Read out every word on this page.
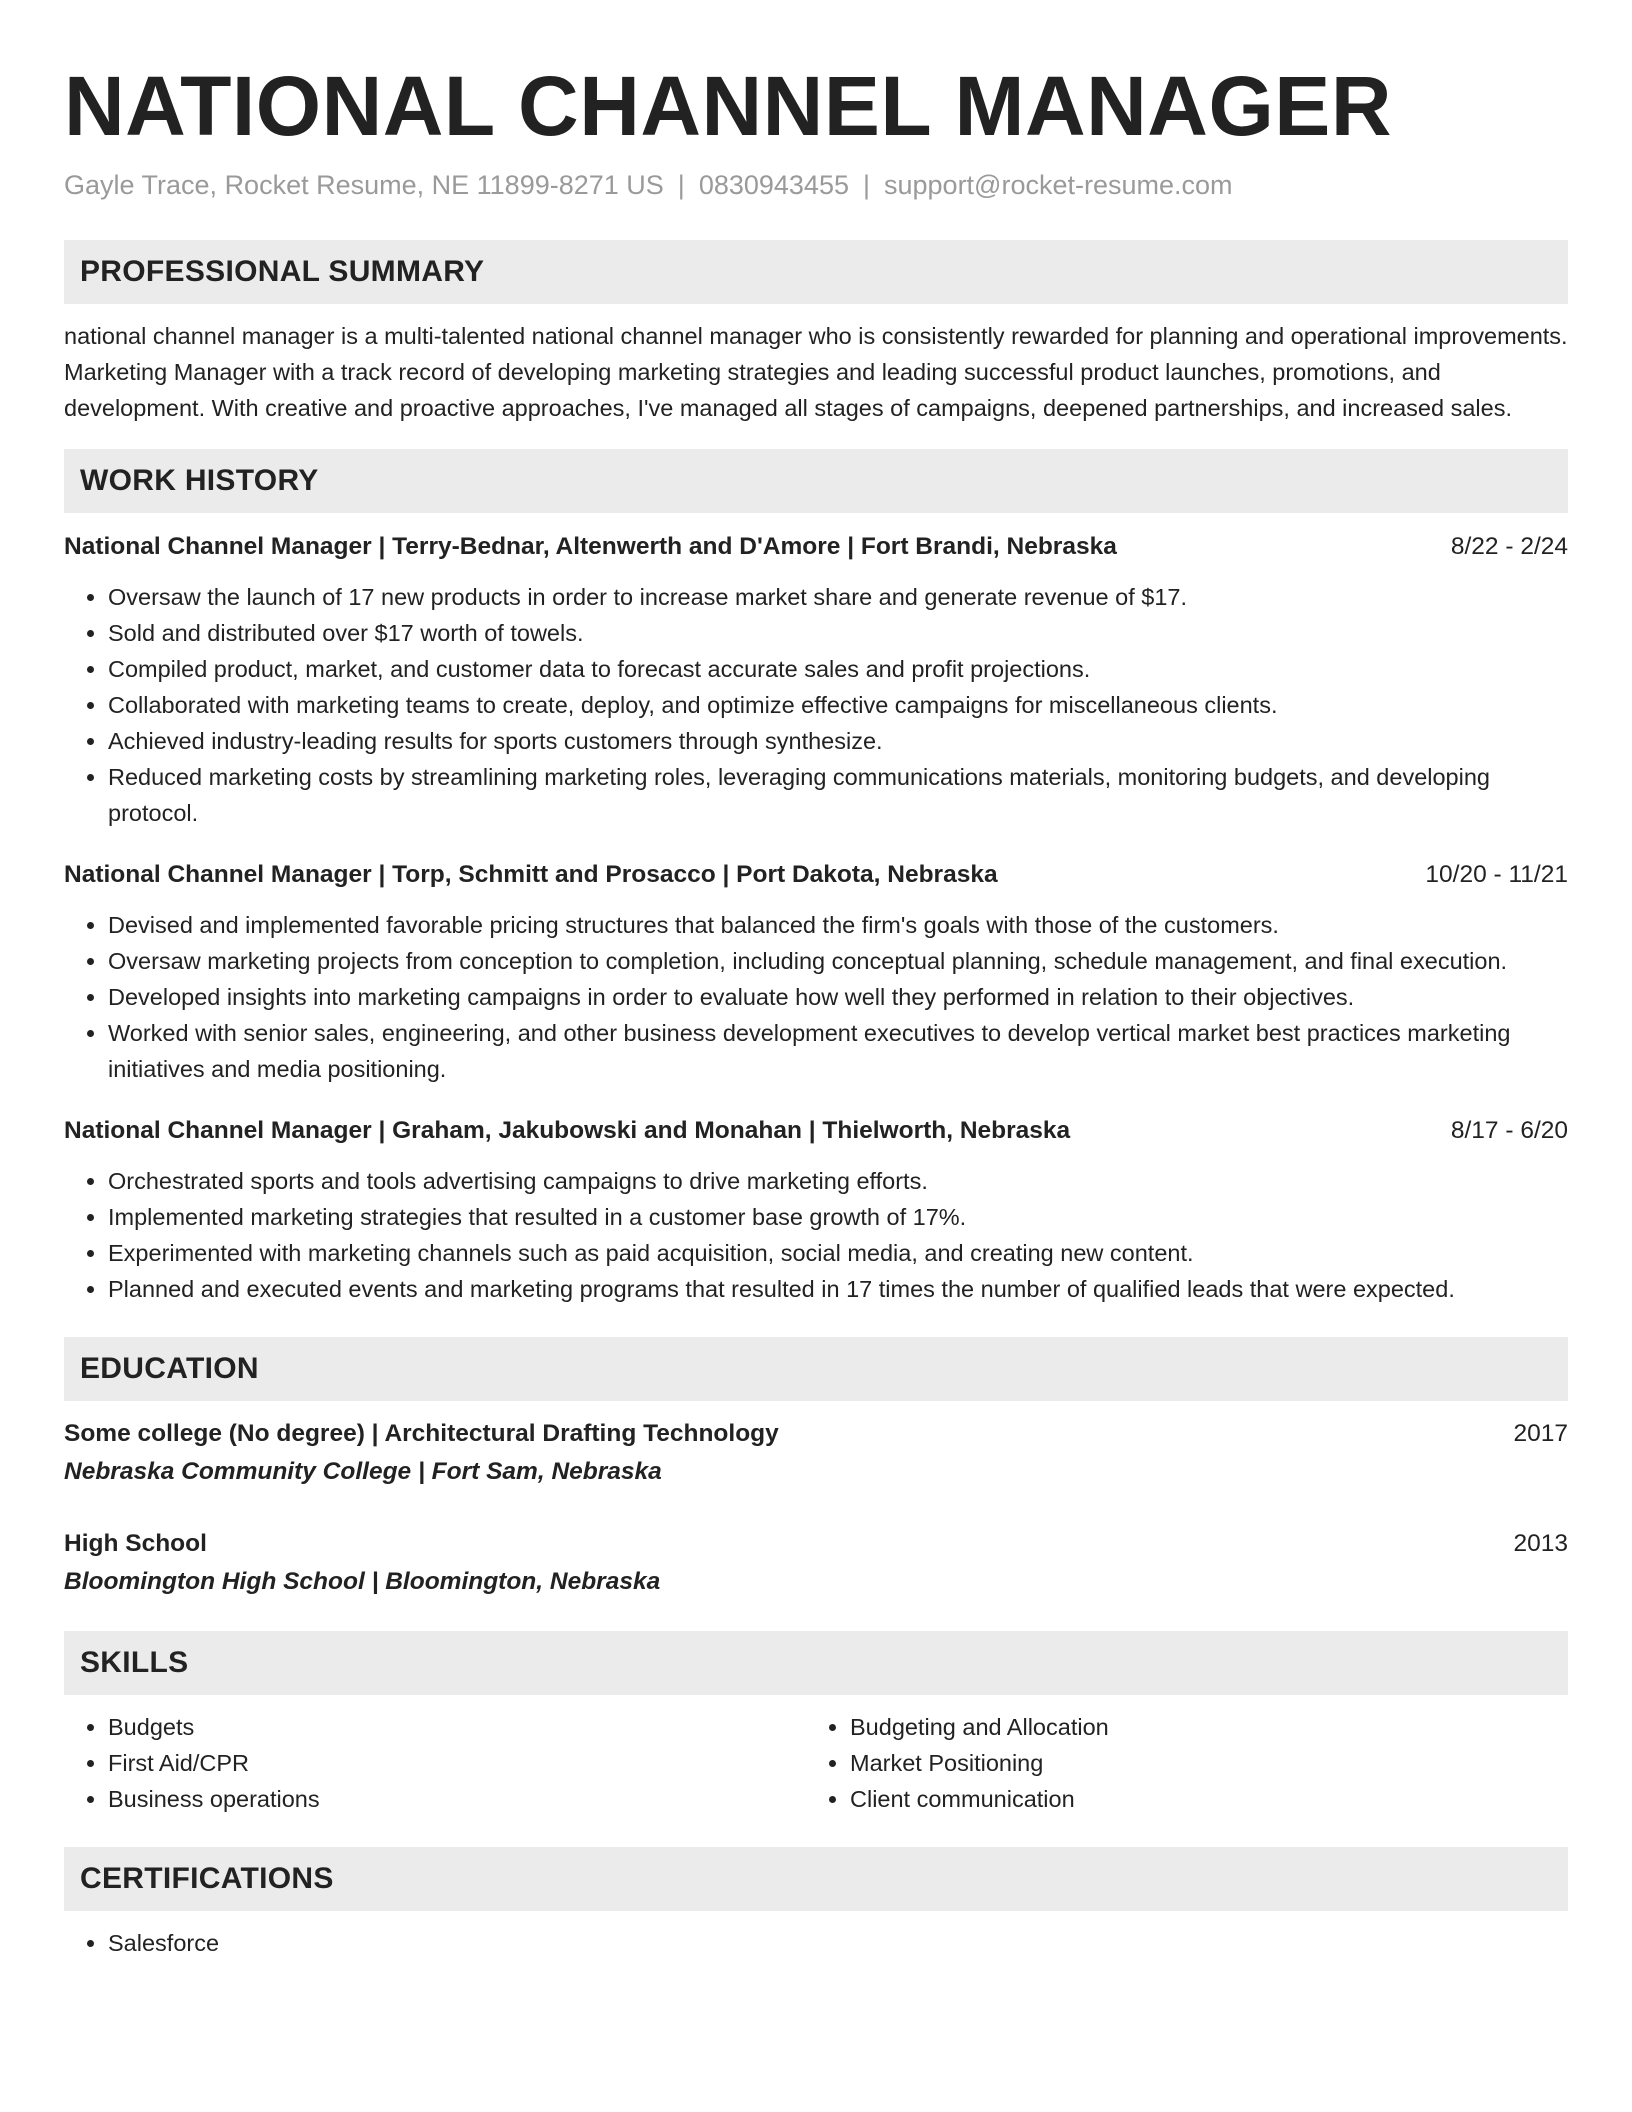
NATIONAL CHANNEL MANAGER
Gayle Trace, Rocket Resume, NE 11899-8271 US | 0830943455 | support@rocket-resume.com
PROFESSIONAL SUMMARY

national channel manager is a multi-talented national channel manager who is consistently rewarded for planning and operational improvements. Marketing Manager with a track record of developing marketing strategies and leading successful product launches, promotions, and development. With creative and proactive approaches, I've managed all stages of campaigns, deepened partnerships, and increased sales.

WORK HISTORY
National Channel Manager | Terry-Bednar, Altenwerth and D'Amore | Fort Brandi, Nebraska	8/22 - 2/24
• Oversaw the launch of 17 new products in order to increase market share and generate revenue of $17.
• Sold and distributed over $17 worth of towels.
• Compiled product, market, and customer data to forecast accurate sales and profit projections.
• Collaborated with marketing teams to create, deploy, and optimize effective campaigns for miscellaneous clients.
• Achieved industry-leading results for sports customers through synthesize.
• Reduced marketing costs by streamlining marketing roles, leveraging communications materials, monitoring budgets, and developing protocol.
National Channel Manager | Torp, Schmitt and Prosacco | Port Dakota, Nebraska	10/20 - 11/21
• Devised and implemented favorable pricing structures that balanced the firm's goals with those of the customers.
• Oversaw marketing projects from conception to completion, including conceptual planning, schedule management, and final execution.
• Developed insights into marketing campaigns in order to evaluate how well they performed in relation to their objectives.
• Worked with senior sales, engineering, and other business development executives to develop vertical market best practices marketing initiatives and media positioning.
National Channel Manager | Graham, Jakubowski and Monahan | Thielworth, Nebraska	8/17 - 6/20
• Orchestrated sports and tools advertising campaigns to drive marketing efforts.
• Implemented marketing strategies that resulted in a customer base growth of 17%.
• Experimented with marketing channels such as paid acquisition, social media, and creating new content.
• Planned and executed events and marketing programs that resulted in 17 times the number of qualified leads that were expected.
EDUCATION
Some college (No degree) | Architectural Drafting Technology	2017
Nebraska Community College | Fort Sam, Nebraska
High School	2013
Bloomington High School | Bloomington, Nebraska
SKILLS
• Budgets
• First Aid/CPR
• Business operations
• Budgeting and Allocation
• Market Positioning
• Client communication
CERTIFICATIONS
• Salesforce
